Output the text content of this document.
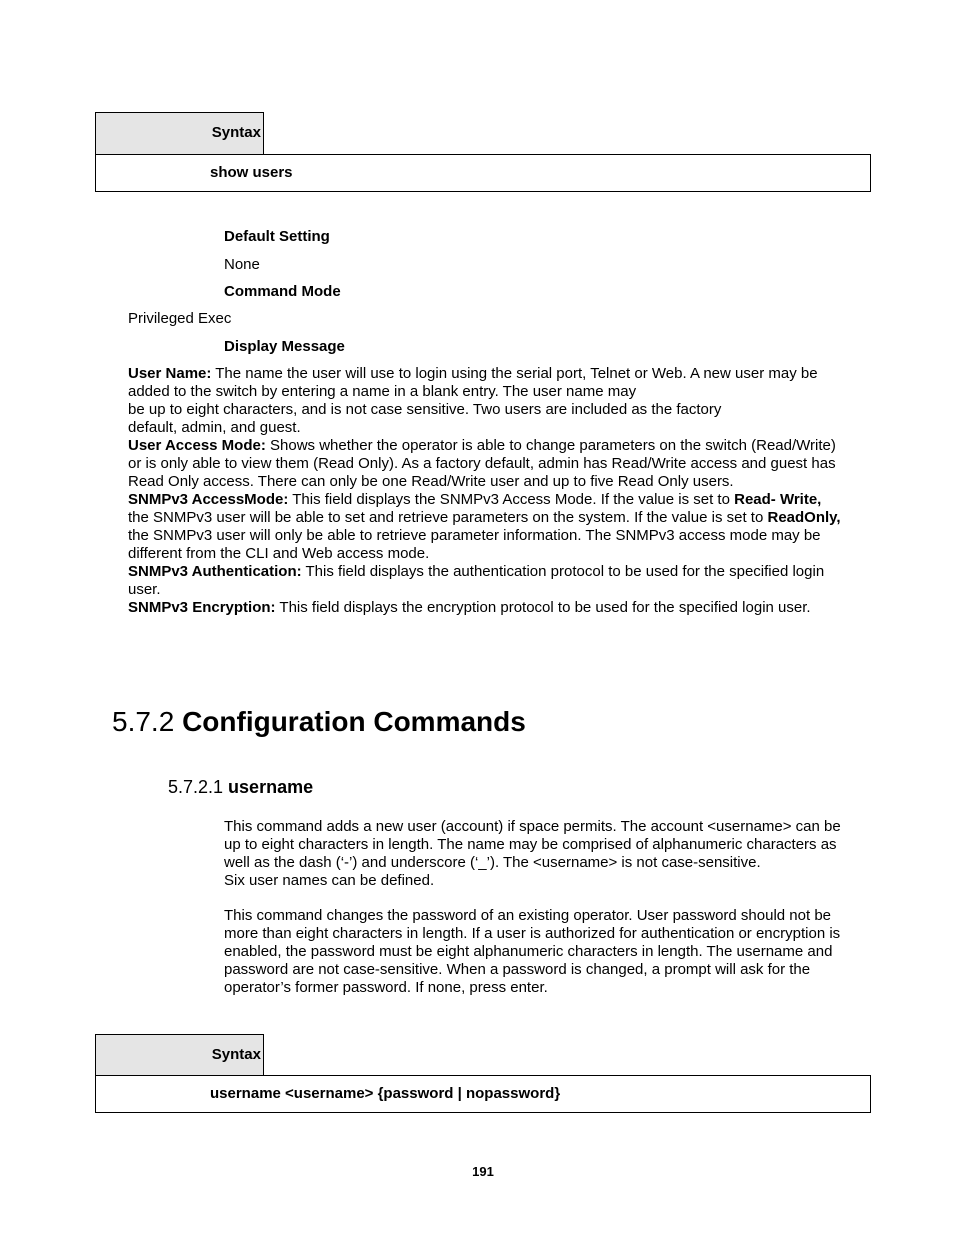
Syntax
show users
Default Setting
None
Command Mode
Privileged Exec
Display Message

User Name: The name the user will use to login using the serial port, Telnet or Web. A new user may be

added to the switch by entering a name in a blank entry. The user name may

be up to eight characters, and is not case sensitive. Two users are included as the factory

default, admin, and guest.

User Access Mode: Shows whether the operator is able to change parameters on the switch (Read/Write)

or is only able to view them (Read Only). As a factory default, admin has Read/Write access and guest has

Read Only access. There can only be one Read/Write user and up to five Read Only users.

SNMPv3 AccessMode: This field displays the SNMPv3 Access Mode. If the value is set to Read- Write,

the SNMPv3 user will be able to set and retrieve parameters on the system. If the value is set to ReadOnly,

the SNMPv3 user will only be able to retrieve parameter information. The SNMPv3 access mode may be

different from the CLI and Web access mode.

SNMPv3 Authentication: This field displays the authentication protocol to be used for the specified login

user.

SNMPv3 Encryption: This field displays the encryption protocol to be used for the specified login user.

5.7.2 Configuration Commands
5.7.2.1 username

This command adds a new user (account) if space permits. The account <username> can be

up to eight characters in length. The name may be comprised of alphanumeric characters as

well as the dash (‘-’) and underscore (‘_’). The <username> is not case-sensitive.

Six user names can be defined.

This command changes the password of an existing operator. User password should not be

more than eight characters in length. If a user is authorized for authentication or encryption is

enabled, the password must be eight alphanumeric characters in length. The username and

password are not case-sensitive. When a password is changed, a prompt will ask for the

operator’s former password. If none, press enter.

Syntax
username <username> {password | nopassword}
191
